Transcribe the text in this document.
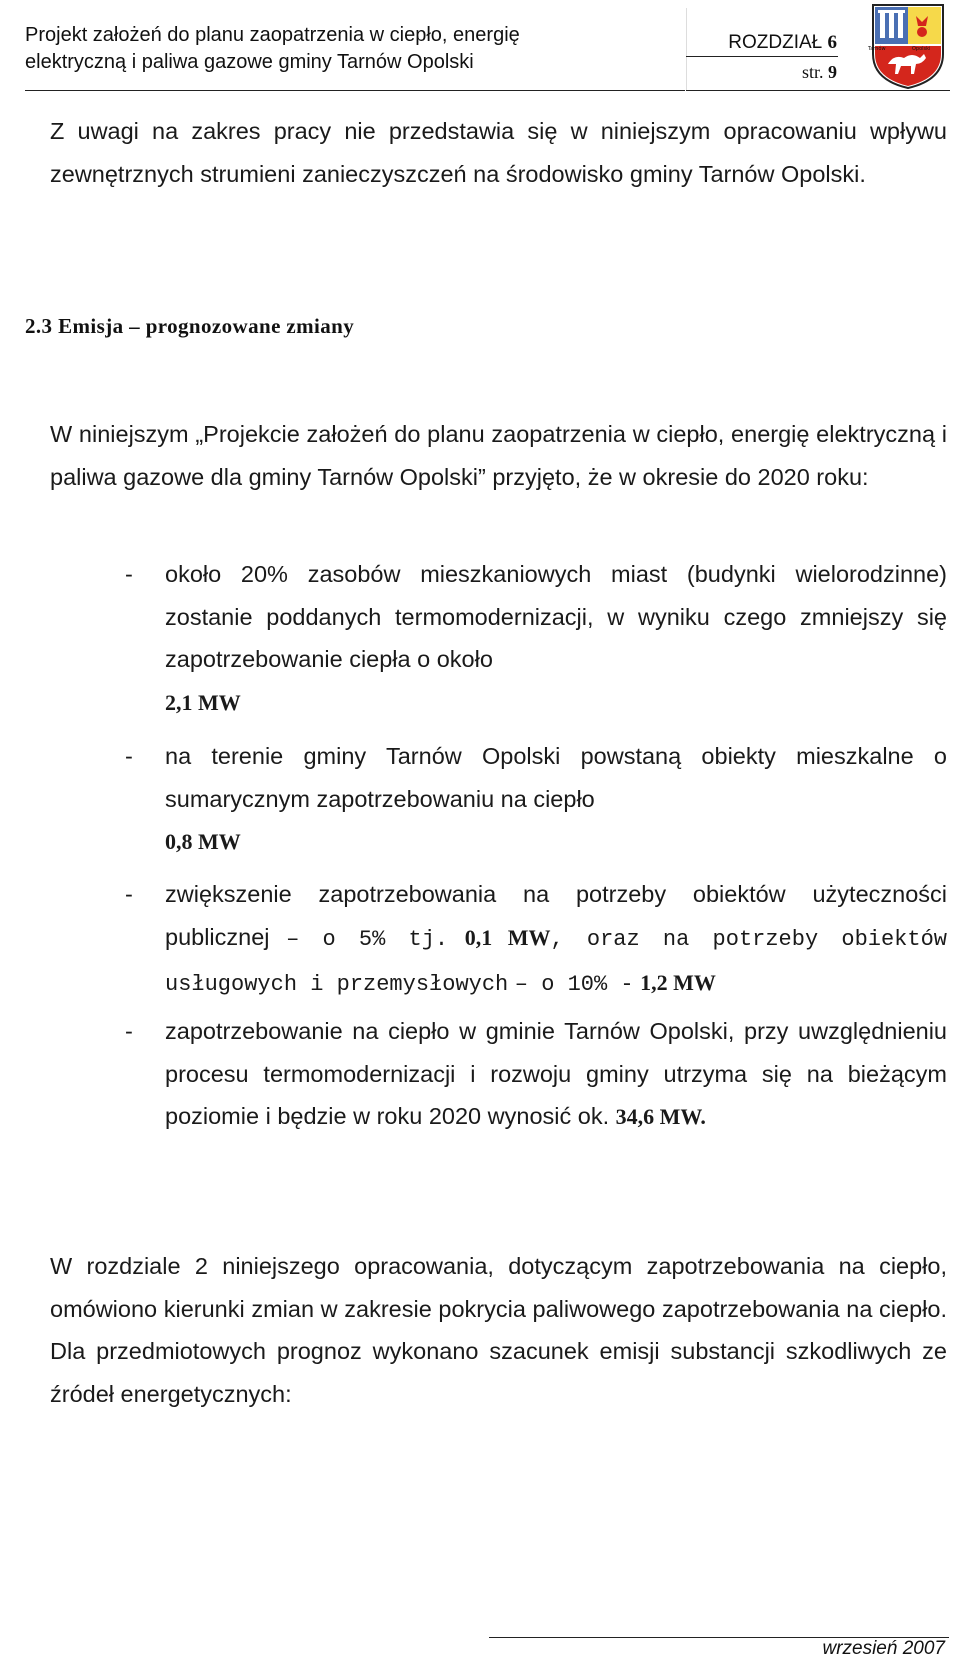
Projekt założeń do planu zaopatrzenia w ciepło, energię
elektryczną i paliwa gazowe gminy Tarnów Opolski
ROZDZIAŁ 6
str. 9
Tarnów	Opolski

Z uwagi na zakres pracy nie przedstawia się w niniejszym opracowaniu wpływu zewnętrznych strumieni zanieczyszczeń na środowisko gminy Tarnów Opolski.

2.3 Emisja – prognozowane zmiany

W niniejszym „Projekcie założeń do planu zaopatrzenia w ciepło, energię elektryczną i paliwa gazowe dla gminy Tarnów Opolski” przyjęto, że w okresie do 2020 roku:

- około 20% zasobów mieszkaniowych miast (budynki wielorodzinne) zostanie poddanych termomodernizacji, w wyniku czego zmniejszy się zapotrzebowanie ciepła o około
2,1 MW
- na terenie gminy Tarnów Opolski powstaną obiekty mieszkalne o sumarycznym zapotrzebowaniu na ciepło
0,8 MW
- zwiększenie zapotrzebowania na potrzeby obiektów użyteczności publicznej – o 5% tj. 0,1 MW, oraz na potrzeby obiektów usługowych i przemysłowych – o 10% - 1,2 MW
- zapotrzebowanie na ciepło w gminie Tarnów Opolski, przy uwzględnieniu procesu termomodernizacji i rozwoju gminy utrzyma się na bieżącym poziomie i będzie w roku 2020 wynosić ok. 34,6 MW.

W rozdziale 2 niniejszego opracowania, dotyczącym zapotrzebowania na ciepło, omówiono kierunki zmian w zakresie pokrycia paliwowego zapotrzebowania na ciepło. Dla przedmiotowych prognoz wykonano szacunek emisji substancji szkodliwych ze źródeł energetycznych:

wrzesień 2007
